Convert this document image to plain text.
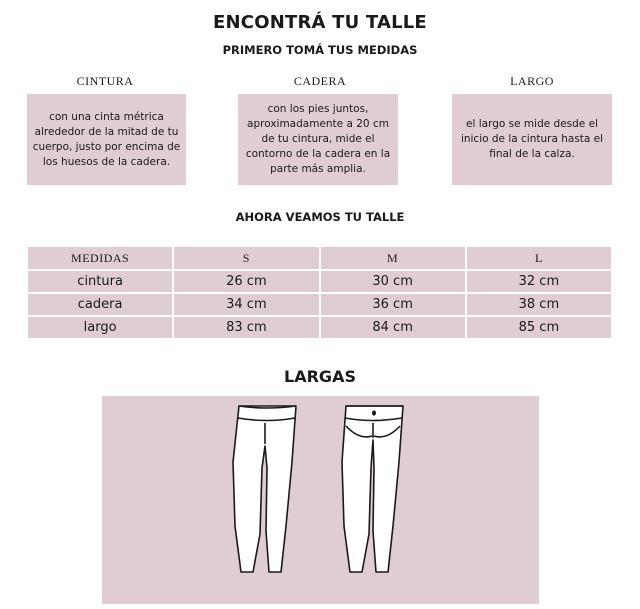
ENCONTRÁ TU TALLE
PRIMERO TOMÁ TUS MEDIDAS
CINTURA	CADERA	LARGO
con una cinta métrica alrededor de la mitad de tu cuerpo, justo por encima de los huesos de la cadera.
con los pies juntos, aproximadamente a 20 cm de tu cintura, mide el contorno de la cadera en la parte más amplia.
el largo se mide desde el inicio de la cintura hasta el final de la calza.
AHORA VEAMOS TU TALLE
MEDIDAS	S	M	L
cintura	26 cm	30 cm	32 cm
cadera	34 cm	36 cm	38 cm
largo	83 cm	84 cm	85 cm
LARGAS
